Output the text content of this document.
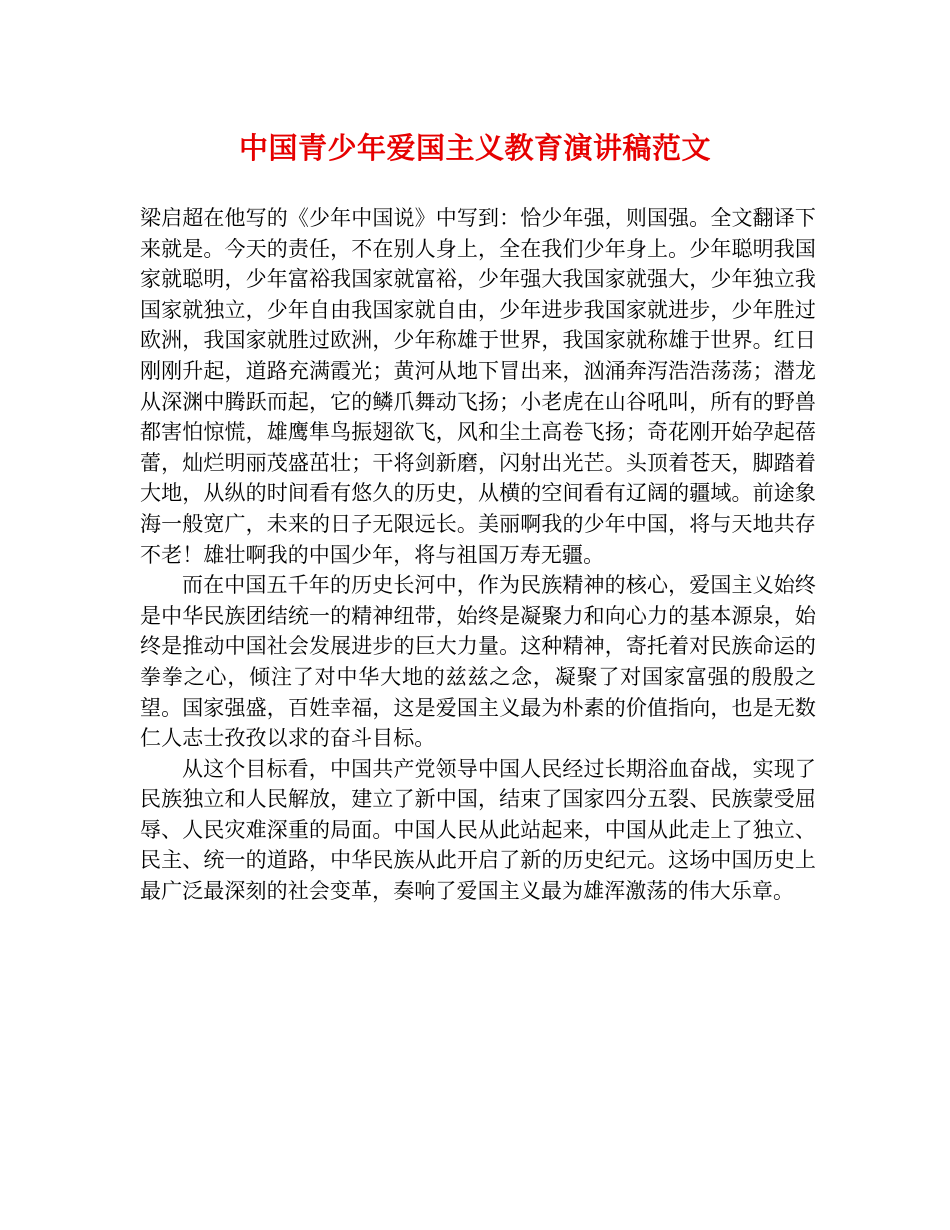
中国青少年爱国主义教育演讲稿范文

梁启超在他写的《少年中国说》中写到：恰少年强，则国强。全文翻译下来就是。今天的责任，不在别人身上，全在我们少年身上。少年聪明我国家就聪明，少年富裕我国家就富裕，少年强大我国家就强大，少年独立我国家就独立，少年自由我国家就自由，少年进步我国家就进步，少年胜过欧洲，我国家就胜过欧洲，少年称雄于世界，我国家就称雄于世界。红日刚刚升起，道路充满霞光；黄河从地下冒出来，汹涌奔泻浩浩荡荡；潜龙从深渊中腾跃而起，它的鳞爪舞动飞扬；小老虎在山谷吼叫，所有的野兽都害怕惊慌，雄鹰隼鸟振翅欲飞，风和尘土高卷飞扬；奇花刚开始孕起蓓蕾，灿烂明丽茂盛茁壮；干将剑新磨，闪射出光芒。头顶着苍天，脚踏着大地，从纵的时间看有悠久的历史，从横的空间看有辽阔的疆域。前途象海一般宽广，未来的日子无限远长。美丽啊我的少年中国，将与天地共存不老！雄壮啊我的中国少年，将与祖国万寿无疆。

而在中国五千年的历史长河中，作为民族精神的核心，爱国主义始终是中华民族团结统一的精神纽带，始终是凝聚力和向心力的基本源泉，始终是推动中国社会发展进步的巨大力量。这种精神，寄托着对民族命运的拳拳之心，倾注了对中华大地的兹兹之念，凝聚了对国家富强的殷殷之望。国家强盛，百姓幸福，这是爱国主义最为朴素的价值指向，也是无数仁人志士孜孜以求的奋斗目标。

从这个目标看，中国共产党领导中国人民经过长期浴血奋战，实现了民族独立和人民解放，建立了新中国，结束了国家四分五裂、民族蒙受屈辱、人民灾难深重的局面。中国人民从此站起来，中国从此走上了独立、民主、统一的道路，中华民族从此开启了新的历史纪元。这场中国历史上最广泛最深刻的社会变革，奏响了爱国主义最为雄浑激荡的伟大乐章。
